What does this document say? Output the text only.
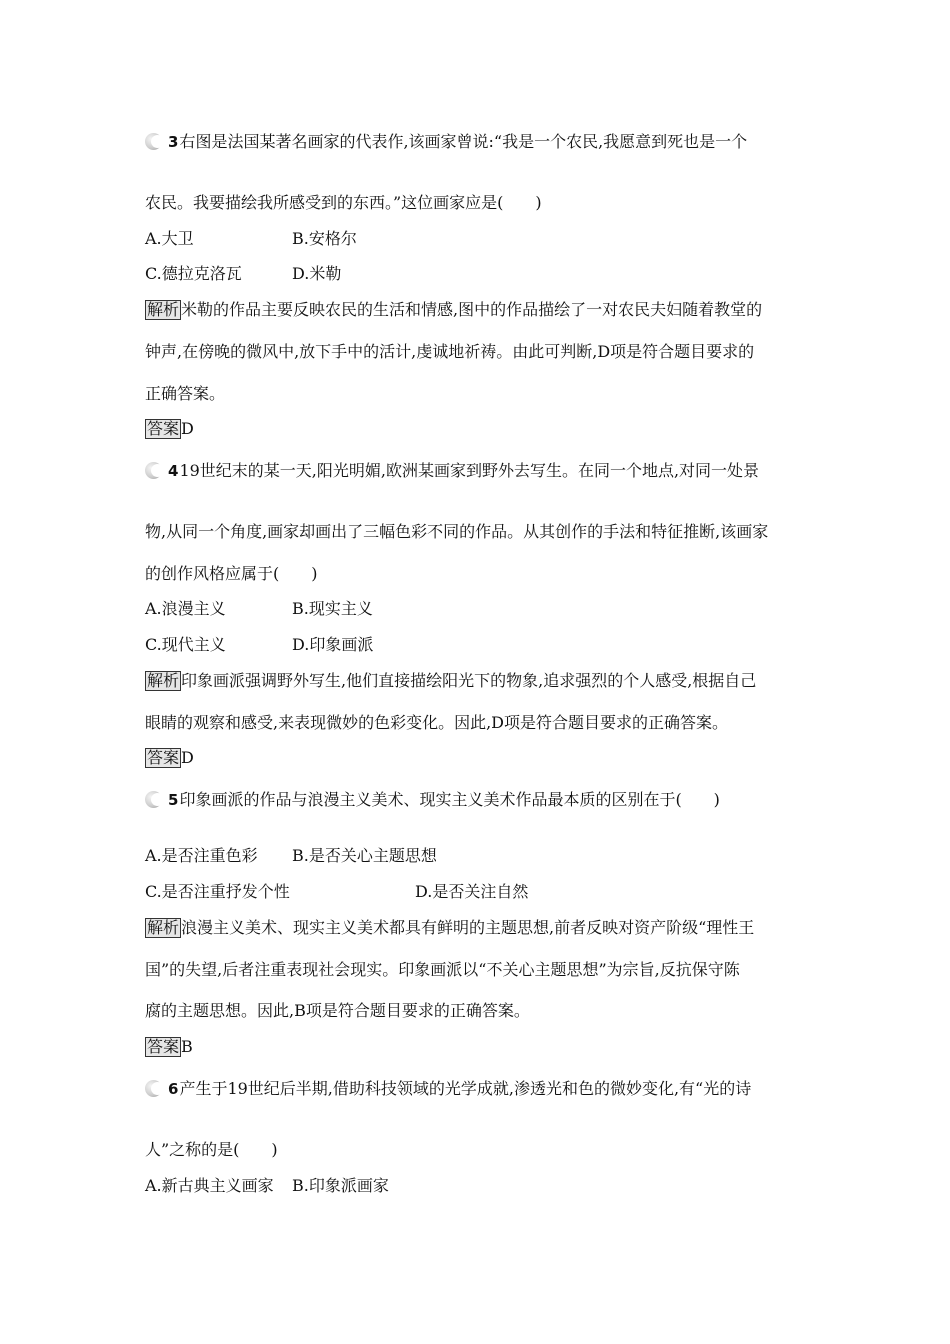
3 右图是法国某著名画家的代表作,该画家曾说:“我是一个农民,我愿意到死也是一个
农民。我要描绘我所感受到的东西。”这位画家应是(　　)
A.大卫	B.安格尔
C.德拉克洛瓦	D.米勒
解析 米勒的作品主要反映农民的生活和情感,图中的作品描绘了一对农民夫妇随着教堂的
钟声,在傍晚的微风中,放下手中的活计,虔诚地祈祷。由此可判断,D项是符合题目要求的
正确答案。
答案 D
4 19世纪末的某一天,阳光明媚,欧洲某画家到野外去写生。在同一个地点,对同一处景
物,从同一个角度,画家却画出了三幅色彩不同的作品。从其创作的手法和特征推断,该画家
的创作风格应属于(　　)
A.浪漫主义	B.现实主义
C.现代主义	D.印象画派
解析 印象画派强调野外写生,他们直接描绘阳光下的物象,追求强烈的个人感受,根据自己
眼睛的观察和感受,来表现微妙的色彩变化。因此,D项是符合题目要求的正确答案。
答案 D
5 印象画派的作品与浪漫主义美术、现实主义美术作品最本质的区别在于(　　)
A.是否注重色彩 B.是否关心主题思想
C.是否注重抒发个性	D.是否关注自然
解析 浪漫主义美术、现实主义美术都具有鲜明的主题思想,前者反映对资产阶级“理性王
国”的失望,后者注重表现社会现实。印象画派以“不关心主题思想”为宗旨,反抗保守陈
腐的主题思想。因此,B项是符合题目要求的正确答案。
答案 B
6 产生于19世纪后半期,借助科技领域的光学成就,渗透光和色的微妙变化,有“光的诗
人”之称的是(　　)
A.新古典主义画家 B.印象派画家
